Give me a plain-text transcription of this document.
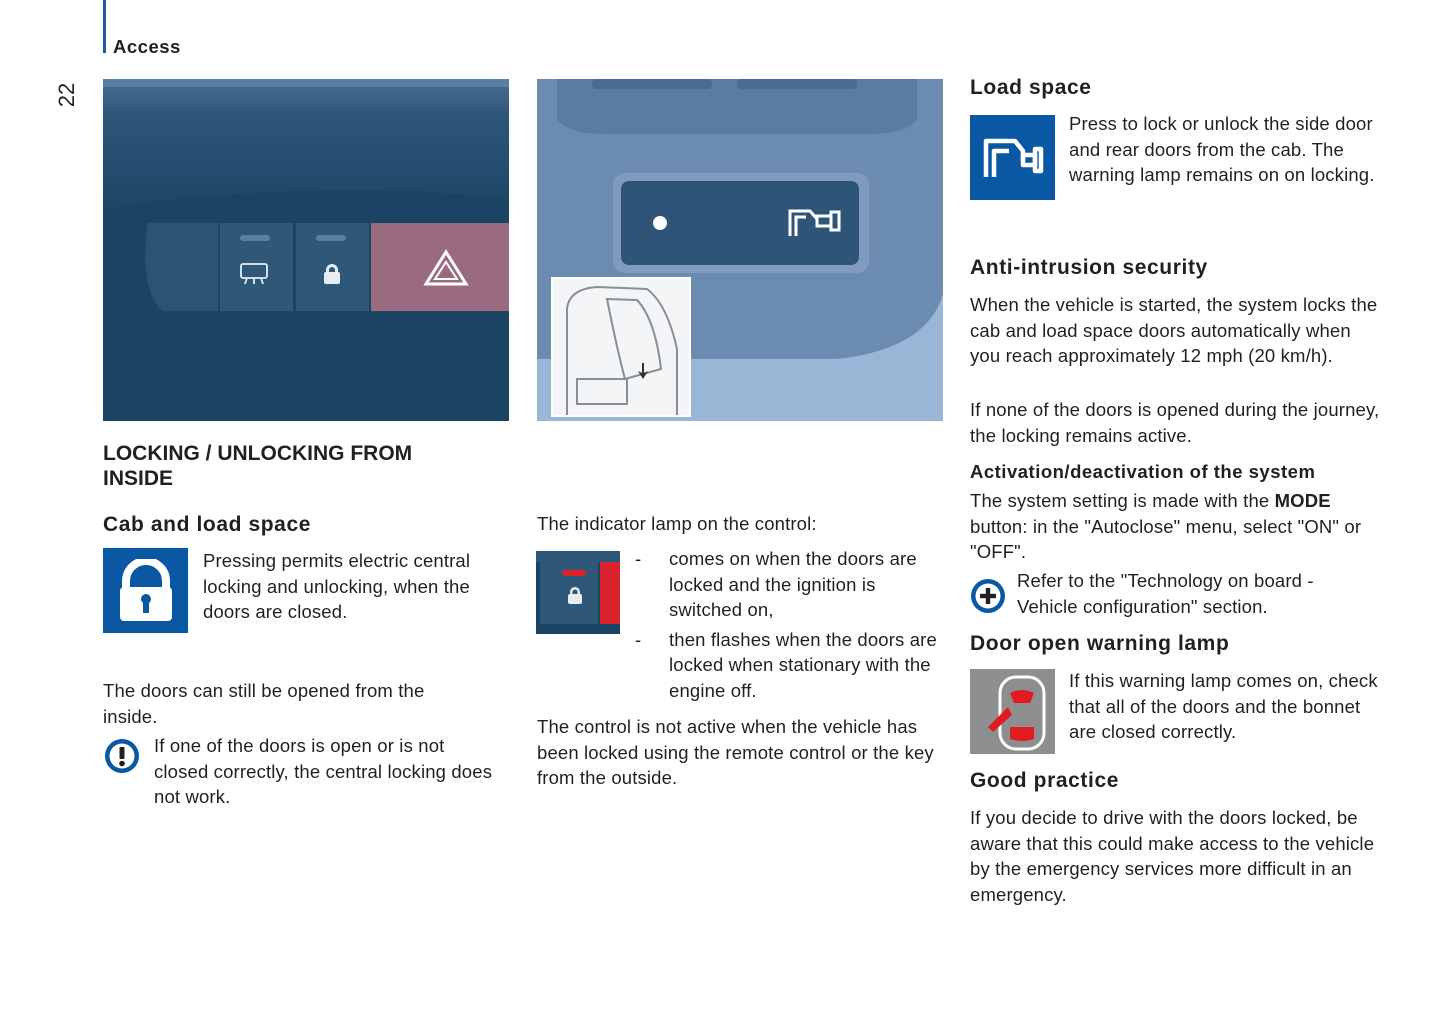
Access
22
LOCKING / UNLOCKING FROM INSIDE
Cab and load space

Pressing permits electric central locking and unlocking, when the doors are closed.

The doors can still be opened from the inside.

If one of the doors is open or is not closed correctly, the central locking does not work.

The indicator lamp on the control:

- comes on when the doors are locked and the ignition is switched on,
- then flashes when the doors are locked when stationary with the engine off.

The control is not active when the vehicle has been locked using the remote control or the key from the outside.

Load space

Press to lock or unlock the side door and rear doors from the cab. The warning lamp remains on on locking.

Anti-intrusion security

When the vehicle is started, the system locks the cab and load space doors automatically when you reach approximately 12 mph (20 km/h).

If none of the doors is opened during the journey, the locking remains active.

Activation/deactivation of the system

The system setting is made with the MODE button: in the "Autoclose" menu, select "ON" or "OFF".

Refer to the "Technology on board - Vehicle configuration" section.

Door open warning lamp

If this warning lamp comes on, check that all of the doors and the bonnet are closed correctly.

Good practice

If you decide to drive with the doors locked, be aware that this could make access to the vehicle by the emergency services more difficult in an emergency.
